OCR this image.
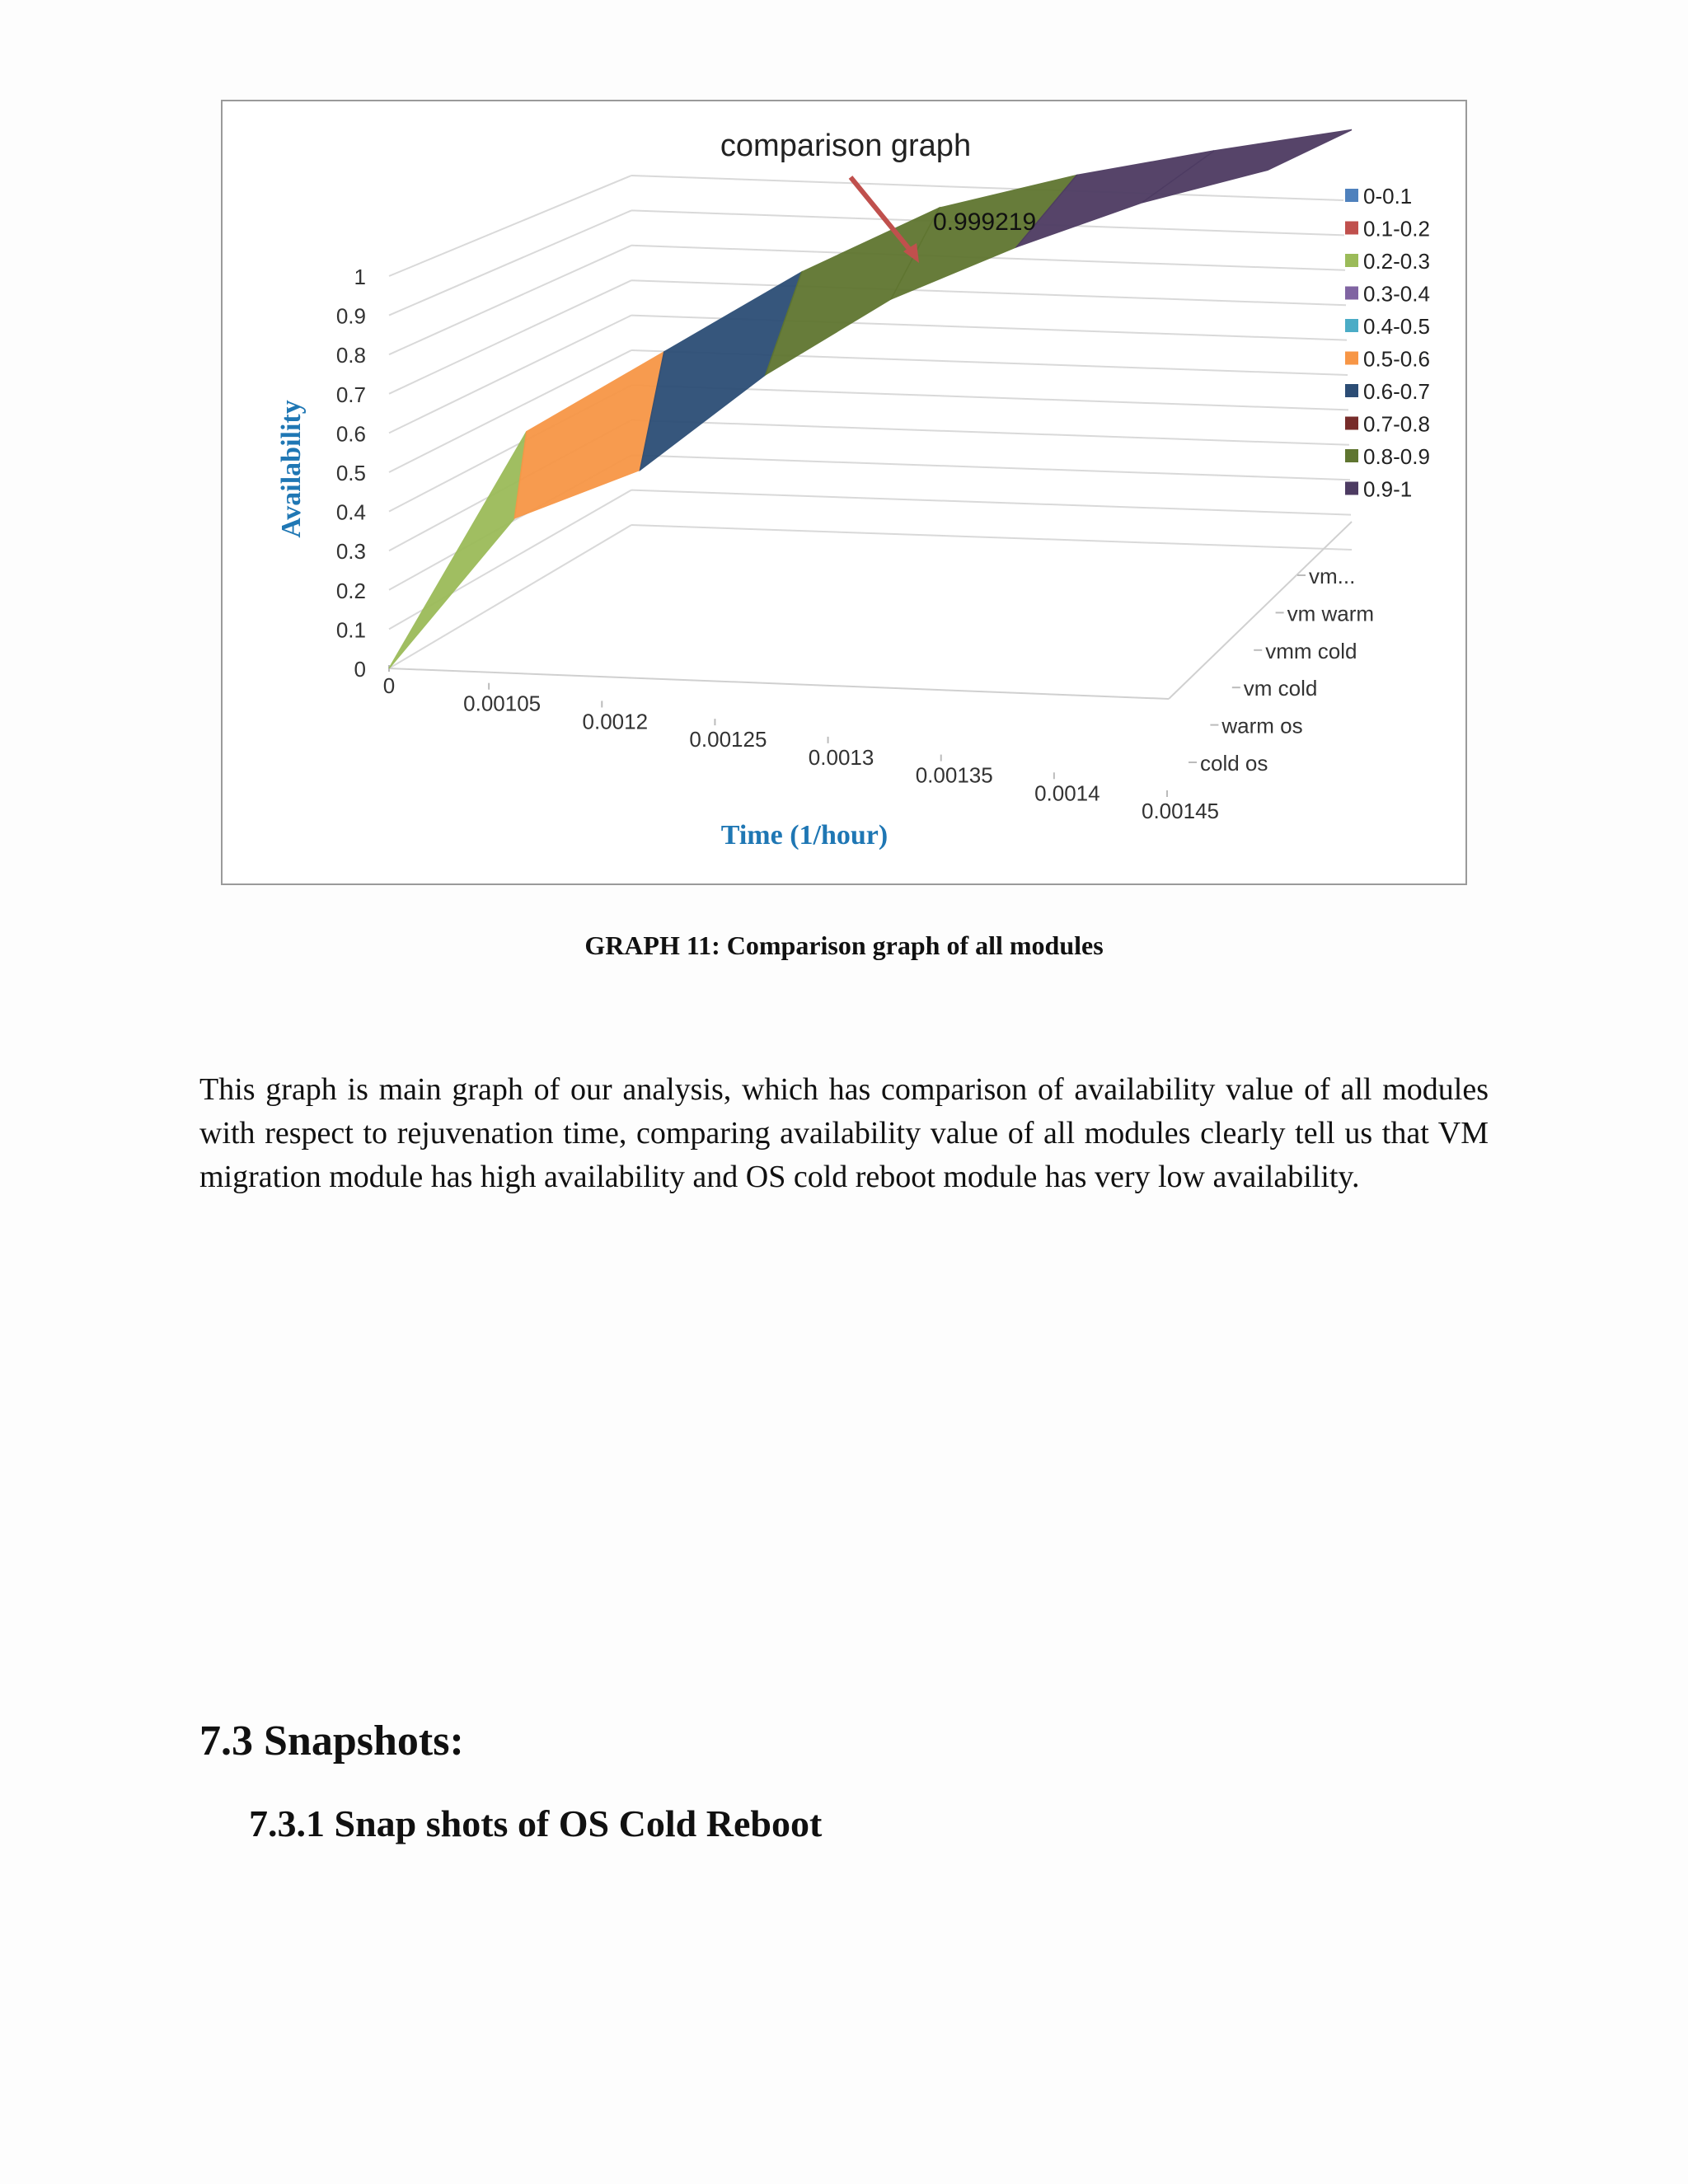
0
0.1
0.2
0.3
0.4
0.5
0.6
0.7
0.8
0.9
1
0
0.00105
0.0012
0.00125
0.0013
0.00135
0.0014
0.00145
cold os
warm os
vm cold
vmm cold
vm warm
vm...
comparison graph
Availability
Time (1/hour)
0.999219
0-0.1
0.1-0.2
0.2-0.3
0.3-0.4
0.4-0.5
0.5-0.6
0.6-0.7
0.7-0.8
0.8-0.9
0.9-1
GRAPH 11: Comparison graph of all modules

This graph is main graph of our analysis, which has comparison of availability value of all modules with respect to rejuvenation time, comparing availability value of all modules clearly tell us that VM migration module has high availability and OS cold reboot module has very low availability.

7.3 Snapshots:
7.3.1 Snap shots of OS Cold Reboot
